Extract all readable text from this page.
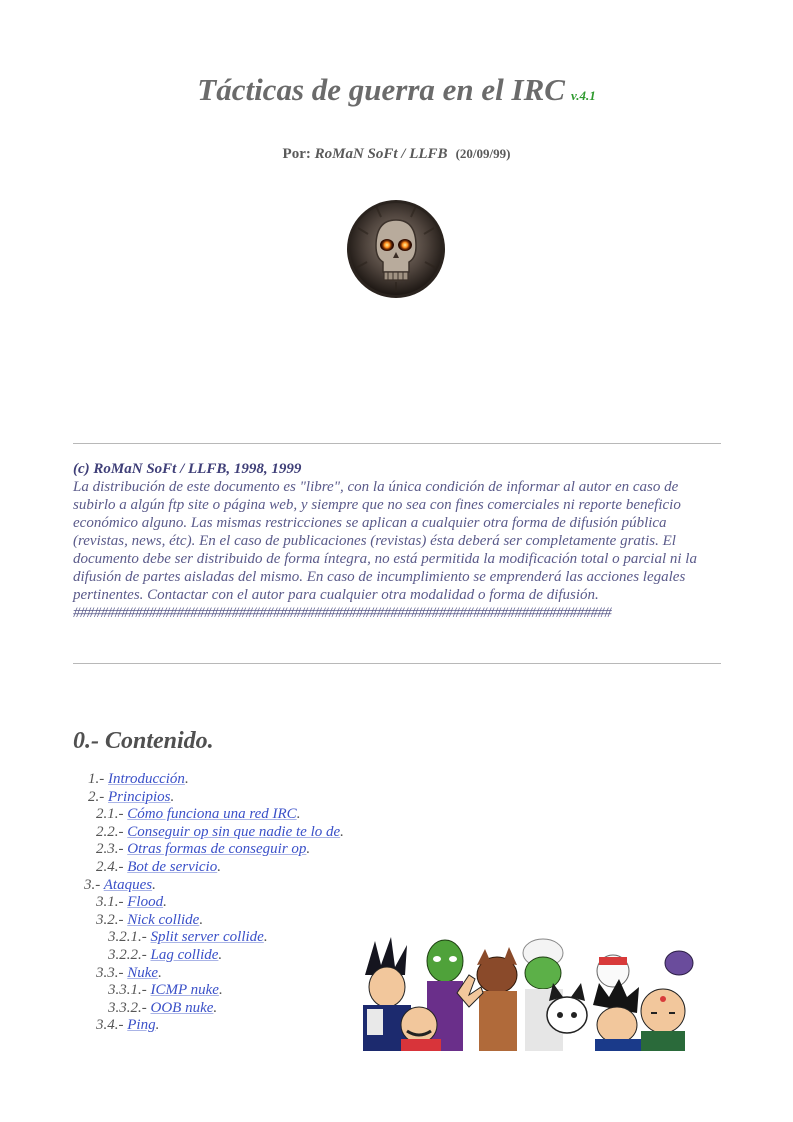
Tácticas de guerra en el IRC v.4.1
Por: RoMaN SoFt / LLFB (20/09/99)
(c) RoMaN SoFt / LLFB, 1998, 1999
La distribución de este documento es "libre", con la única condición de informar al autor en caso de subirlo a algún ftp site o página web, y siempre que no sea con fines comerciales ni reporte beneficio económico alguno. Las mismas restricciones se aplican a cualquier otra forma de difusión pública (revistas, news, étc). En el caso de publicaciones (revistas) ésta deberá ser completamente gratis. El documento debe ser distribuido de forma íntegra, no está permitida la modificación total o parcial ni la difusión de partes aisladas del mismo. En caso de incumplimiento se emprenderá las acciones legales pertinentes. Contactar con el autor para cualquier otra modalidad o forma de difusión.
##############################################################################
0.- Contenido.
1.- Introducción.
2.- Principios.
2.1.- Cómo funciona una red IRC.
2.2.- Conseguir op sin que nadie te lo de.
2.3.- Otras formas de conseguir op.
2.4.- Bot de servicio.
3.- Ataques.
3.1.- Flood.
3.2.- Nick collide.
3.2.1.- Split server collide.
3.2.2.- Lag collide.
3.3.- Nuke.
3.3.1.- ICMP nuke.
3.3.2.- OOB nuke.
3.4.- Ping.
